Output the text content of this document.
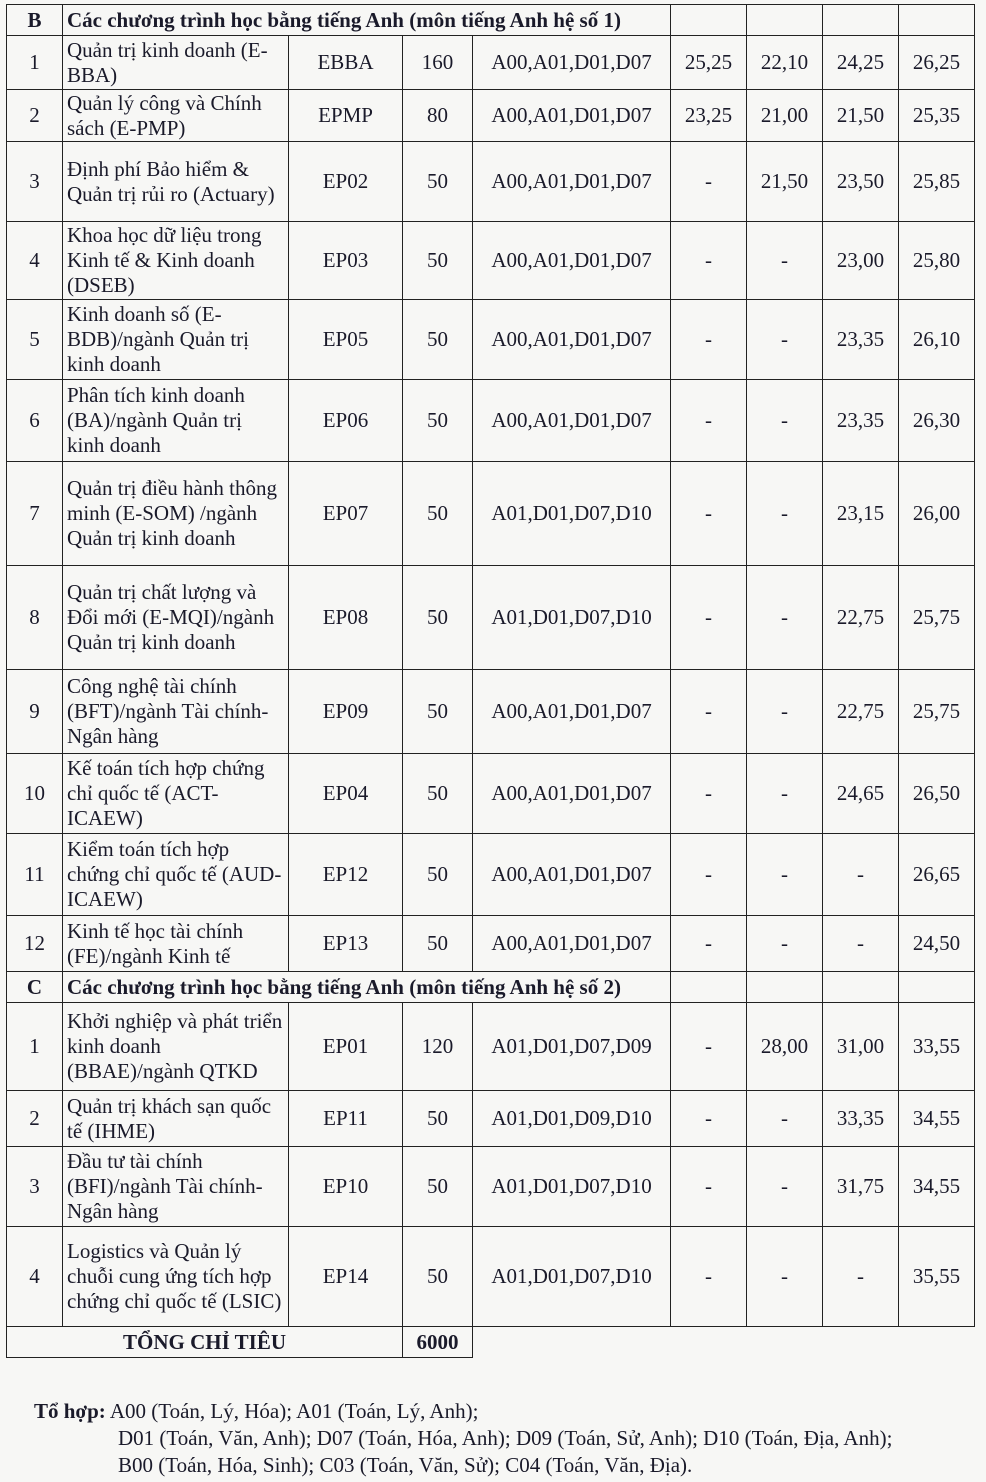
B	Các chương trình học bằng tiếng Anh (môn tiếng Anh hệ số 1)							
1	Quản trị kinh doanh (E-BBA)	EBBA	160	A00,A01,D01,D07	25,25	22,10	24,25	26,25
2	Quản lý công và Chính sách (E-PMP)	EPMP	80	A00,A01,D01,D07	23,25	21,00	21,50	25,35
3	Định phí Bảo hiểm & Quản trị rủi ro (Actuary)	EP02	50	A00,A01,D01,D07	-	21,50	23,50	25,85
4	Khoa học dữ liệu trong Kinh tế & Kinh doanh (DSEB)	EP03	50	A00,A01,D01,D07	-	-	23,00	25,80
5	Kinh doanh số (E-BDB)/ngành Quản trị kinh doanh	EP05	50	A00,A01,D01,D07	-	-	23,35	26,10
6	Phân tích kinh doanh (BA)/ngành Quản trị kinh doanh	EP06	50	A00,A01,D01,D07	-	-	23,35	26,30
7	Quản trị điều hành thông minh (E-SOM) /ngành Quản trị kinh doanh	EP07	50	A01,D01,D07,D10	-	-	23,15	26,00
8	Quản trị chất lượng và Đổi mới (E-MQI)/ngành Quản trị kinh doanh	EP08	50	A01,D01,D07,D10	-	-	22,75	25,75
9	Công nghệ tài chính (BFT)/ngành Tài chính-Ngân hàng	EP09	50	A00,A01,D01,D07	-	-	22,75	25,75
10	Kế toán tích hợp chứng chỉ quốc tế (ACT-ICAEW)	EP04	50	A00,A01,D01,D07	-	-	24,65	26,50
11	Kiểm toán tích hợp chứng chỉ quốc tế (AUD-ICAEW)	EP12	50	A00,A01,D01,D07	-	-	-	26,65
12	Kinh tế học tài chính (FE)/ngành Kinh tế	EP13	50	A00,A01,D01,D07	-	-	-	24,50
C	Các chương trình học bằng tiếng Anh (môn tiếng Anh hệ số 2)							
1	Khởi nghiệp và phát triển kinh doanh (BBAE)/ngành QTKD	EP01	120	A01,D01,D07,D09	-	28,00	31,00	33,55
2	Quản trị khách sạn quốc tế (IHME)	EP11	50	A01,D01,D09,D10	-	-	33,35	34,55
3	Đầu tư tài chính (BFI)/ngành Tài chính-Ngân hàng	EP10	50	A01,D01,D07,D10	-	-	31,75	34,55
4	Logistics và Quản lý chuỗi cung ứng tích hợp chứng chỉ quốc tế (LSIC)	EP14	50	A01,D01,D07,D10	-	-	-	35,55
TỔNG CHỈ TIÊU			6000					
Tổ hợp: A00 (Toán, Lý, Hóa); A01 (Toán, Lý, Anh);
D01 (Toán, Văn, Anh); D07 (Toán, Hóa, Anh); D09 (Toán, Sử, Anh); D10 (Toán, Địa, Anh);
B00 (Toán, Hóa, Sinh); C03 (Toán, Văn, Sử); C04 (Toán, Văn, Địa).
